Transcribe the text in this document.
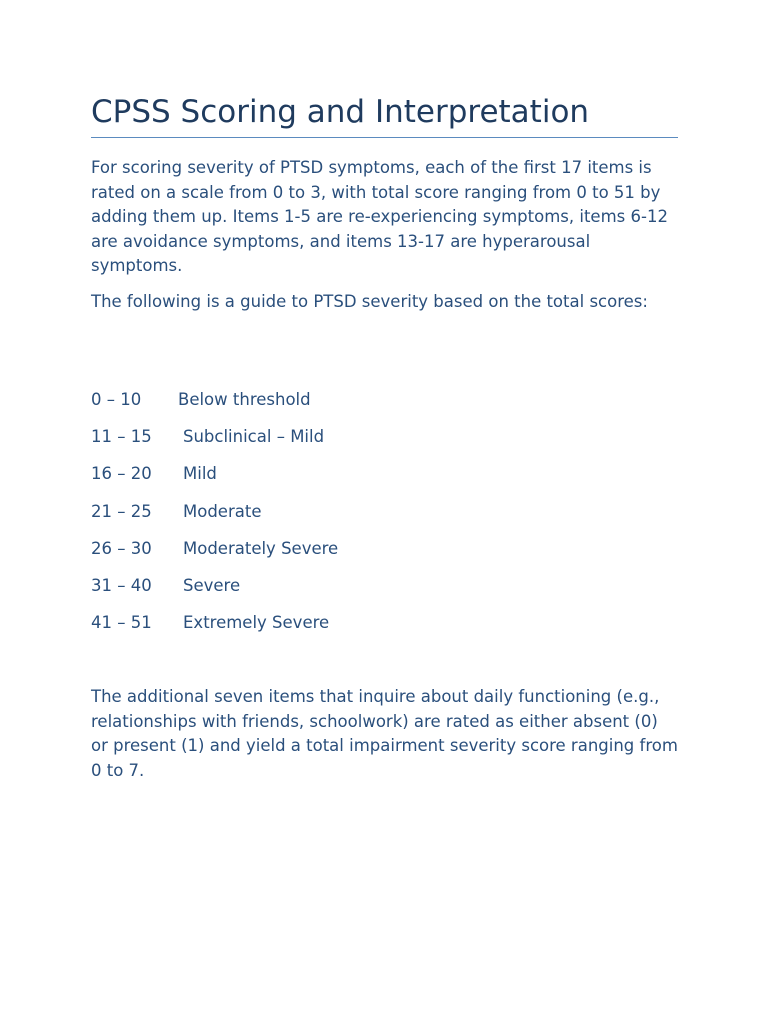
CPSS Scoring and Interpretation

For scoring severity of PTSD symptoms, each of the first 17 items is rated on a scale from 0 to 3, with total score ranging from 0 to 51 by adding them up. Items 1-5 are re-experiencing symptoms, items 6-12 are avoidance symptoms, and items 13-17 are hyperarousal symptoms.

The following is a guide to PTSD severity based on the total scores:

0 – 10 Below threshold
11 – 15 Subclinical – Mild
16 – 20 Mild
21 – 25 Moderate
26 – 30 Moderately Severe
31 – 40 Severe
41 – 51 Extremely Severe

The additional seven items that inquire about daily functioning (e.g., relationships with friends, schoolwork) are rated as either absent (0) or present (1) and yield a total impairment severity score ranging from 0 to 7.
